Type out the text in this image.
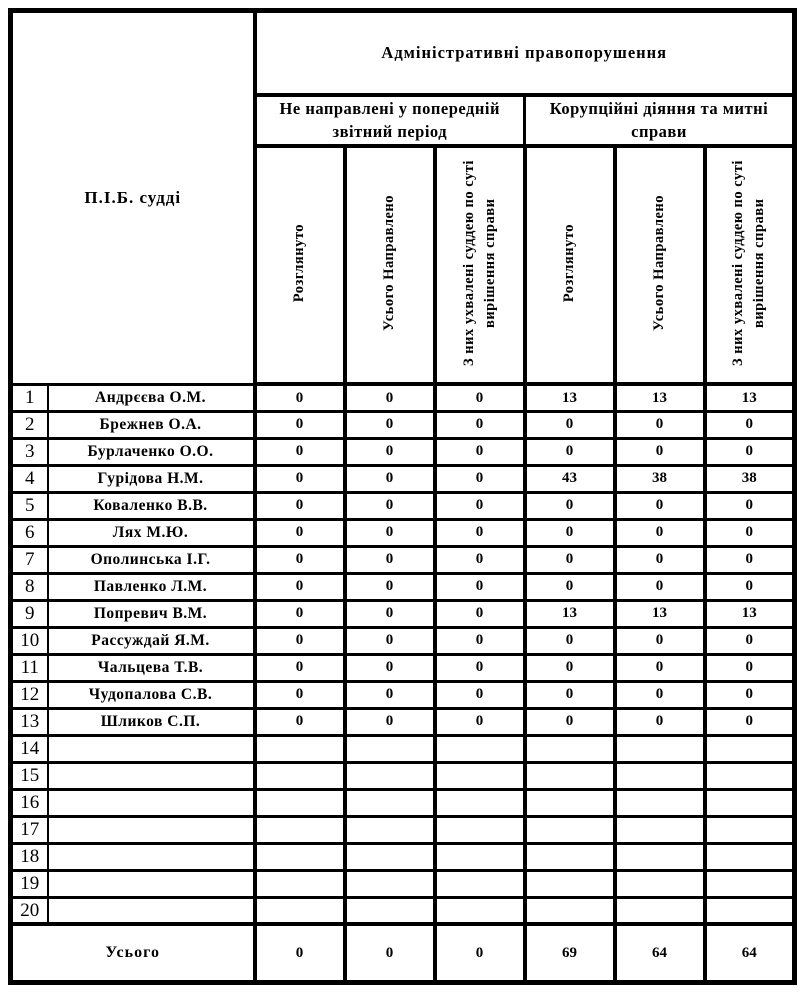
П.І.Б. судді		Адміністративні правопорушення					
		Не направлені у попередній звітний період			Корупційні діяння та митні справи		
		Розглянуто	Усього Направлено	З них ухвалені суддею по суті вирішення справи	Розглянуто	Усього Направлено	З них ухвалені суддею по суті вирішення справи
1	Андрєєва О.М.	0	0	0	13	13	13
2	Брежнев О.А.	0	0	0	0	0	0
3	Бурлаченко О.О.	0	0	0	0	0	0
4	Гурідова Н.М.	0	0	0	43	38	38
5	Коваленко В.В.	0	0	0	0	0	0
6	Лях М.Ю.	0	0	0	0	0	0
7	Ополинська І.Г.	0	0	0	0	0	0
8	Павленко Л.М.	0	0	0	0	0	0
9	Попревич В.М.	0	0	0	13	13	13
10	Рассуждай Я.М.	0	0	0	0	0	0
11	Чальцева Т.В.	0	0	0	0	0	0
12	Чудопалова С.В.	0	0	0	0	0	0
13	Шликов С.П.	0	0	0	0	0	0
14							
15							
16							
17							
18							
19							
20							
Усього		0	0	0	69	64	64
